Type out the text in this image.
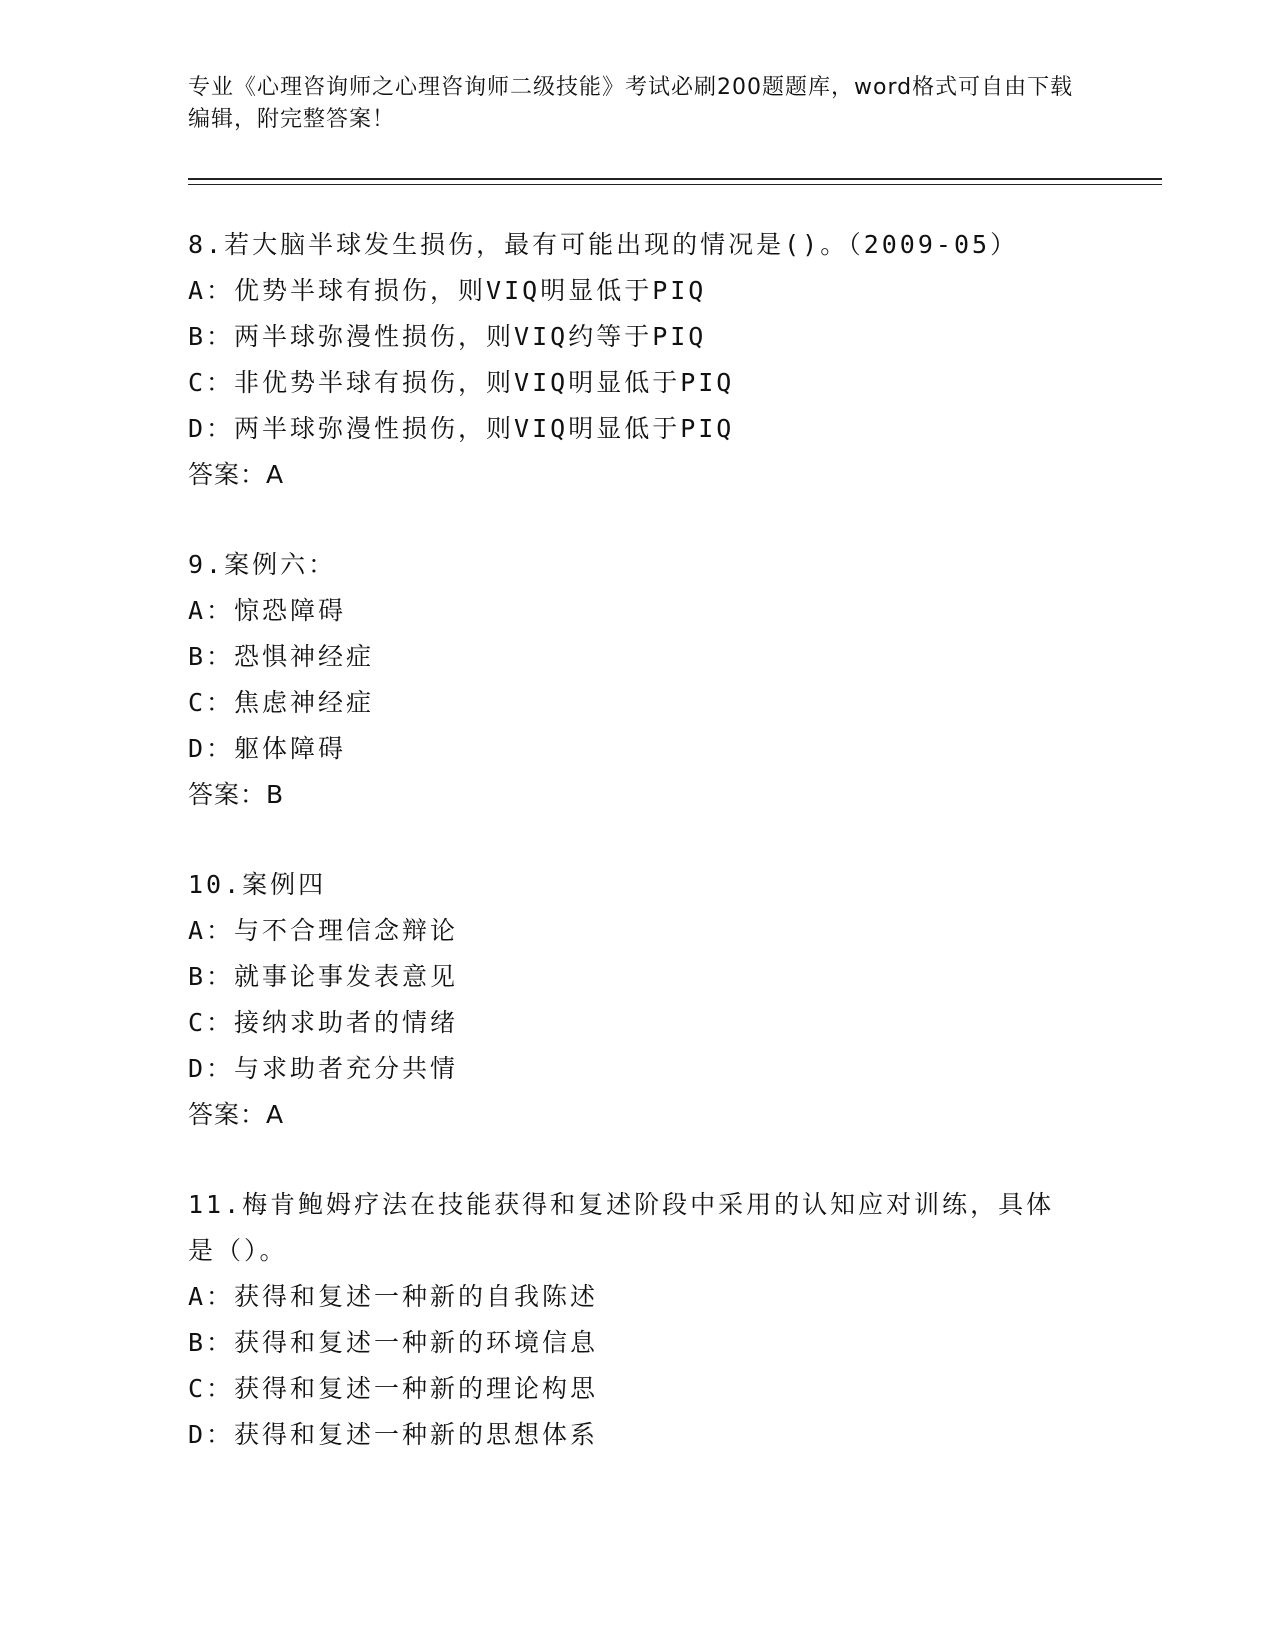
专业《心理咨询师之心理咨询师二级技能》考试必刷200题题库，word格式可自由下载编辑，附完整答案！
8.若大脑半球发生损伤，最有可能出现的情况是()。（2009-05）
A：优势半球有损伤，则VIQ明显低于PIQ
B：两半球弥漫性损伤，则VIQ约等于PIQ
C：非优势半球有损伤，则VIQ明显低于PIQ
D：两半球弥漫性损伤，则VIQ明显低于PIQ
答案：A
9.案例六：
A：惊恐障碍
B：恐惧神经症
C：焦虑神经症
D：躯体障碍
答案：B
10.案例四
A：与不合理信念辩论
B：就事论事发表意见
C：接纳求助者的情绪
D：与求助者充分共情
答案：A
11.梅肯鲍姆疗法在技能获得和复述阶段中采用的认知应对训练，具体
是（）。
A：获得和复述一种新的自我陈述
B：获得和复述一种新的环境信息
C：获得和复述一种新的理论构思
D：获得和复述一种新的思想体系
